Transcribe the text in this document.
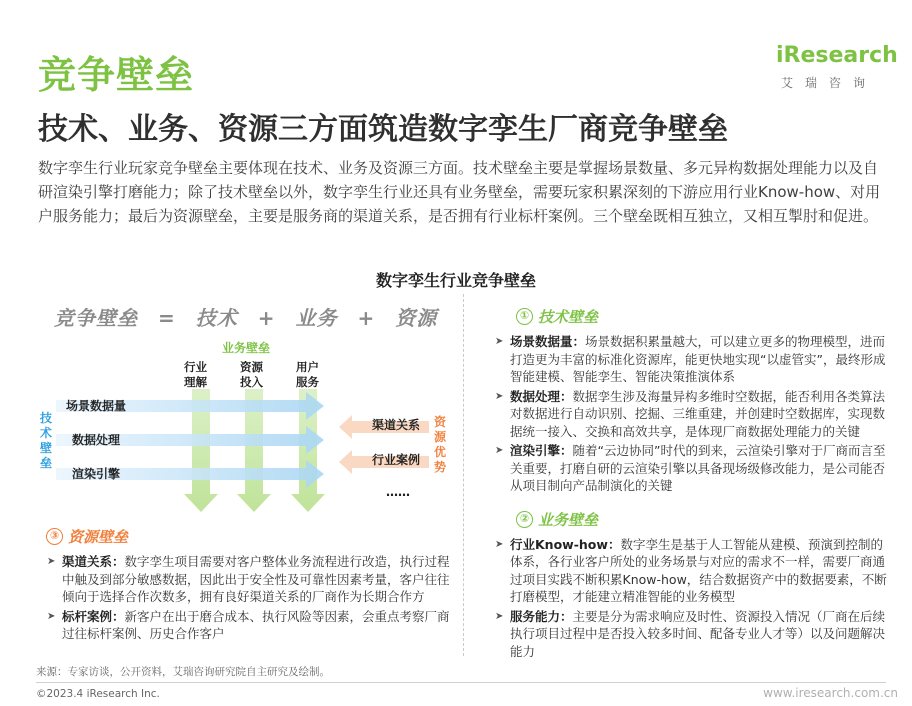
竞争壁垒
技术、业务、资源三方面筑造数字孪生厂商竞争壁垒
iResearch
艾瑞咨询
数字孪生行业玩家竞争壁垒主要体现在技术、业务及资源三方面。技术壁垒主要是掌握场景数量、多元异构数据处理能力以及自研渲染引擎打磨能力；除了技术壁垒以外，数字孪生行业还具有业务壁垒，需要玩家积累深刻的下游应用行业Know-how、对用户服务能力；最后为资源壁垒，主要是服务商的渠道关系，是否拥有行业标杆案例。三个壁垒既相互独立，又相互掣肘和促进。
数字孪生行业竞争壁垒
竞争壁垒 = 技术 + 业务 + 资源
业务壁垒
行业 理解
资源 投入
用户 服务
技术壁垒
场景数据量
数据处理
渲染引擎
渠道关系
行业案例
……
资源优势
③ 资源壁垒
➤ 渠道关系：数字孪生项目需要对客户整体业务流程进行改造，执行过程中触及到部分敏感数据，因此出于安全性及可靠性因素考量，客户往往倾向于选择合作次数多，拥有良好渠道关系的厂商作为长期合作方
➤ 标杆案例：新客户在出于磨合成本、执行风险等因素，会重点考察厂商过往标杆案例、历史合作客户
① 技术壁垒
➤ 场景数据量：场景数据积累量越大，可以建立更多的物理模型，进而打造更为丰富的标准化资源库，能更快地实现“以虚管实”，最终形成智能建模、智能孪生、智能决策推演体系
➤ 数据处理：数据孪生涉及海量异构多维时空数据，能否利用各类算法对数据进行自动识别、挖掘、三维重建，并创建时空数据库，实现数据统一接入、交换和高效共享，是体现厂商数据处理能力的关键
➤ 渲染引擎：随着“云边协同”时代的到来，云渲染引擎对于厂商而言至关重要，打磨自研的云渲染引擎以具备现场级修改能力，是公司能否从项目制向产品制演化的关键
② 业务壁垒
➤ 行业Know-how：数字孪生是基于人工智能从建模、预演到控制的体系，各行业客户所处的业务场景与对应的需求不一样，需要厂商通过项目实践不断积累Know-how，结合数据资产中的数据要素，不断打磨模型，才能建立精准智能的业务模型
➤ 服务能力：主要是分为需求响应及时性、资源投入情况（厂商在后续执行项目过程中是否投入较多时间、配备专业人才等）以及问题解决能力
来源：专家访谈，公开资料，艾瑞咨询研究院自主研究及绘制。
©2023.4 iResearch Inc.	www.iresearch.com.cn
